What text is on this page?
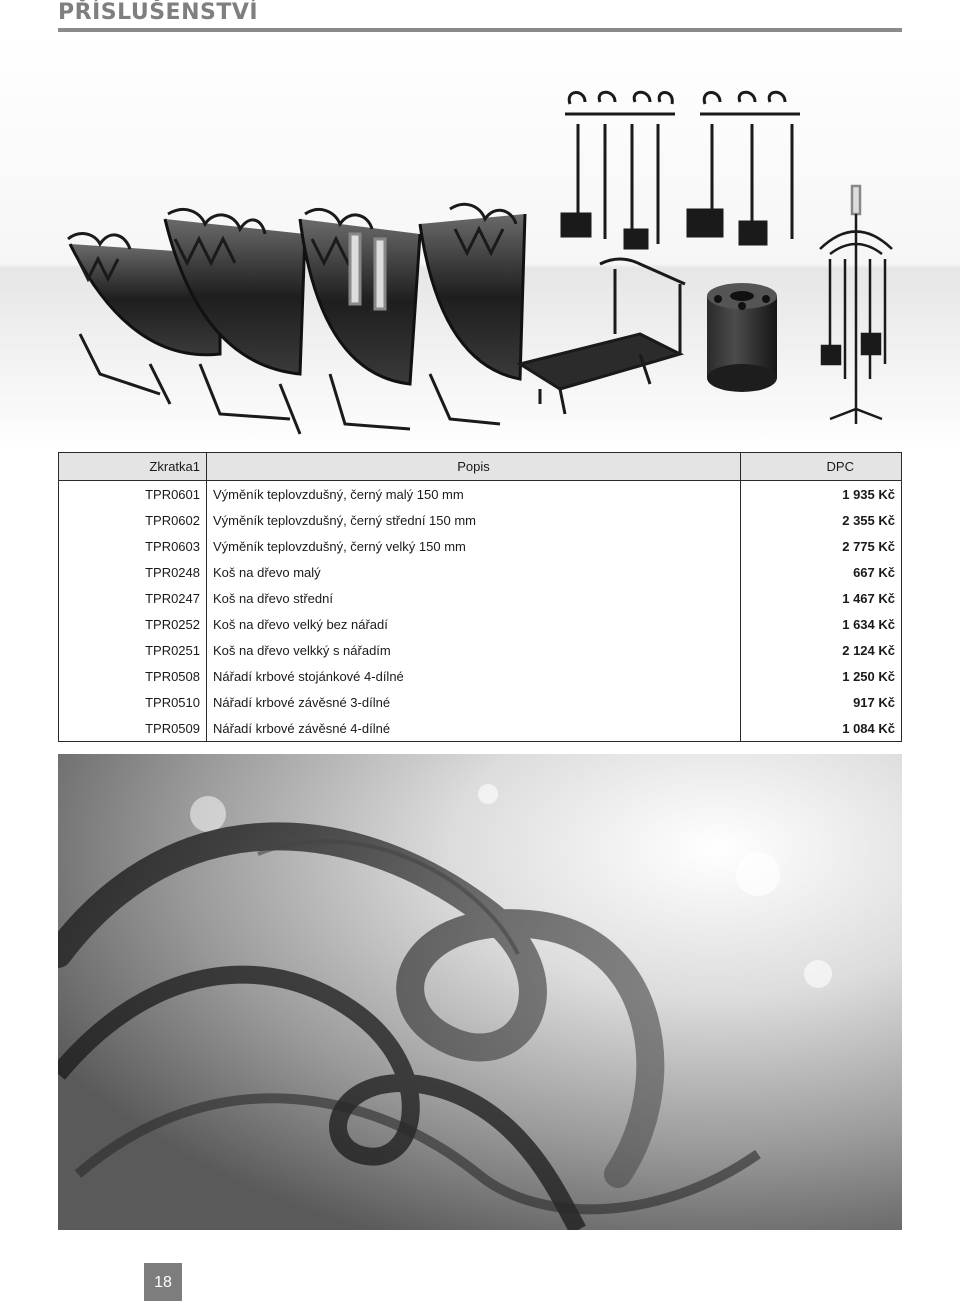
PŘÍSLUŠENSTVÍ
Zkratka1	Popis	DPC
TPR0601	Výměník teplovzdušný, černý malý 150 mm	1 935 Kč
TPR0602	Výměník teplovzdušný, černý střední 150 mm	2 355 Kč
TPR0603	Výměník teplovzdušný, černý velký 150 mm	2 775 Kč
TPR0248	Koš na dřevo malý	667 Kč
TPR0247	Koš na dřevo střední	1 467 Kč
TPR0252	Koš na dřevo velký bez nářadí	1 634 Kč
TPR0251	Koš na dřevo velkký s nářadím	2 124 Kč
TPR0508	Nářadí krbové stojánkové 4-dílné	1 250 Kč
TPR0510	Nářadí krbové závěsné 3-dílné	917 Kč
TPR0509	Nářadí krbové závěsné 4-dílné	1 084 Kč
18
